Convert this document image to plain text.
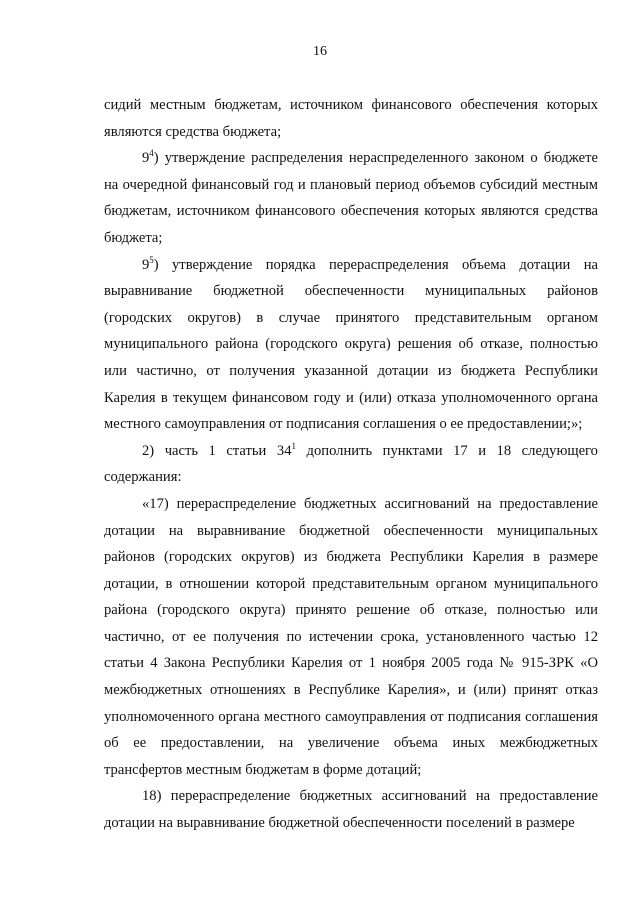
16

сидий местным бюджетам, источником финансового обеспечения которых являются средства бюджета;

$9^4$) утверждение распределения нераспределенного законом о бюджете на очередной финансовый год и плановый период объемов субсидий местным бюджетам, источником финансового обеспечения которых являются средства бюджета;

$9^5$) утверждение порядка перераспределения объема дотации на выравнивание бюджетной обеспеченности муниципальных районов (городских округов) в случае принятого представительным органом муниципального района (городского округа) решения об отказе, полностью или частично, от получения указанной дотации из бюджета Республики Карелия в текущем финансовом году и (или) отказа уполномоченного органа местного самоуправления от подписания соглашения о ее предоставлении;»;

2) часть 1 статьи $34^1$ дополнить пунктами 17 и 18 следующего содержания:

«17) перераспределение бюджетных ассигнований на предоставление дотации на выравнивание бюджетной обеспеченности муниципальных районов (городских округов) из бюджета Республики Карелия в размере дотации, в отношении которой представительным органом муниципального района (городского округа) принято решение об отказе, полностью или частично, от ее получения по истечении срока, установленного частью 12 статьи 4 Закона Республики Карелия от 1 ноября 2005 года № 915-ЗРК «О межбюджетных отношениях в Республике Карелия», и (или) принят отказ уполномоченного органа местного самоуправления от подписания соглашения об ее предоставлении, на увеличение объема иных межбюджетных трансфертов местным бюджетам в форме дотаций;

18) перераспределение бюджетных ассигнований на предоставление дотации на выравнивание бюджетной обеспеченности поселений в размере
